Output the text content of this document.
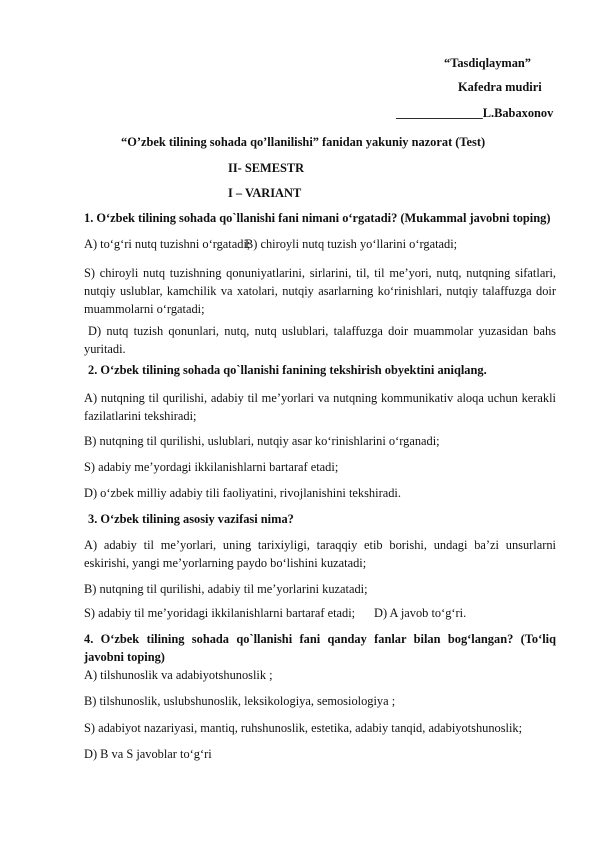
“Tasdiqlayman”
Kafedra mudiri
______________L.Babaxonov
“O’zbek tilining sohada qo’llanilishi” fanidan yakuniy nazorat (Test)
II- SEMESTR
I – VARIANT
1. O‘zbek tilining sohada qo`llanishi fani nimani o‘rgatadi? (Mukammal javobni toping)
A) to‘g‘ri nutq tuzishni o‘rgatadi;
B) chiroyli nutq tuzish yo‘llarini o‘rgatadi;
S) chiroyli nutq tuzishning qonuniyatlarini, sirlarini, til, til me’yori, nutq, nutqning sifatlari, nutqiy uslublar, kamchilik va xatolari, nutqiy asarlarning ko‘rinishlari, nutqiy talaffuzga doir muammolarni o‘rgatadi;
D) nutq tuzish qonunlari, nutq, nutq uslublari, talaffuzga doir muammolar yuzasidan bahs yuritadi.
2. O‘zbek tilining sohada qo`llanishi fanining tekshirish obyektini aniqlang.
A) nutqning til qurilishi, adabiy til me’yorlari va nutqning kommunikativ aloqa uchun kerakli fazilatlarini tekshiradi;
B) nutqning til qurilishi, uslublari, nutqiy asar ko‘rinishlarini o‘rganadi;
S) adabiy me’yordagi ikkilanishlarni bartaraf etadi;
D) o‘zbek milliy adabiy tili faoliyatini, rivojlanishini tekshiradi.
3. O‘zbek tilining asosiy vazifasi nima?
A) adabiy til me’yorlari, uning tarixiyligi, taraqqiy etib borishi, undagi ba’zi unsurlarni eskirishi, yangi me’yorlarning paydo bo‘lishini kuzatadi;
B) nutqning til qurilishi, adabiy til me’yorlarini kuzatadi;
S) adabiy til me’yoridagi ikkilanishlarni bartaraf etadi; D) A javob to‘g‘ri.
4. O‘zbek tilining sohada qo`llanishi fani qanday fanlar bilan bog‘langan? (To‘liq javobni toping)
A) tilshunoslik va adabiyotshunoslik ;
B) tilshunoslik, uslubshunoslik, leksikologiya, semosiologiya ;
S) adabiyot nazariyasi, mantiq, ruhshunoslik, estetika, adabiy tanqid, adabiyotshunoslik;
D) B va S javoblar to‘g‘ri
